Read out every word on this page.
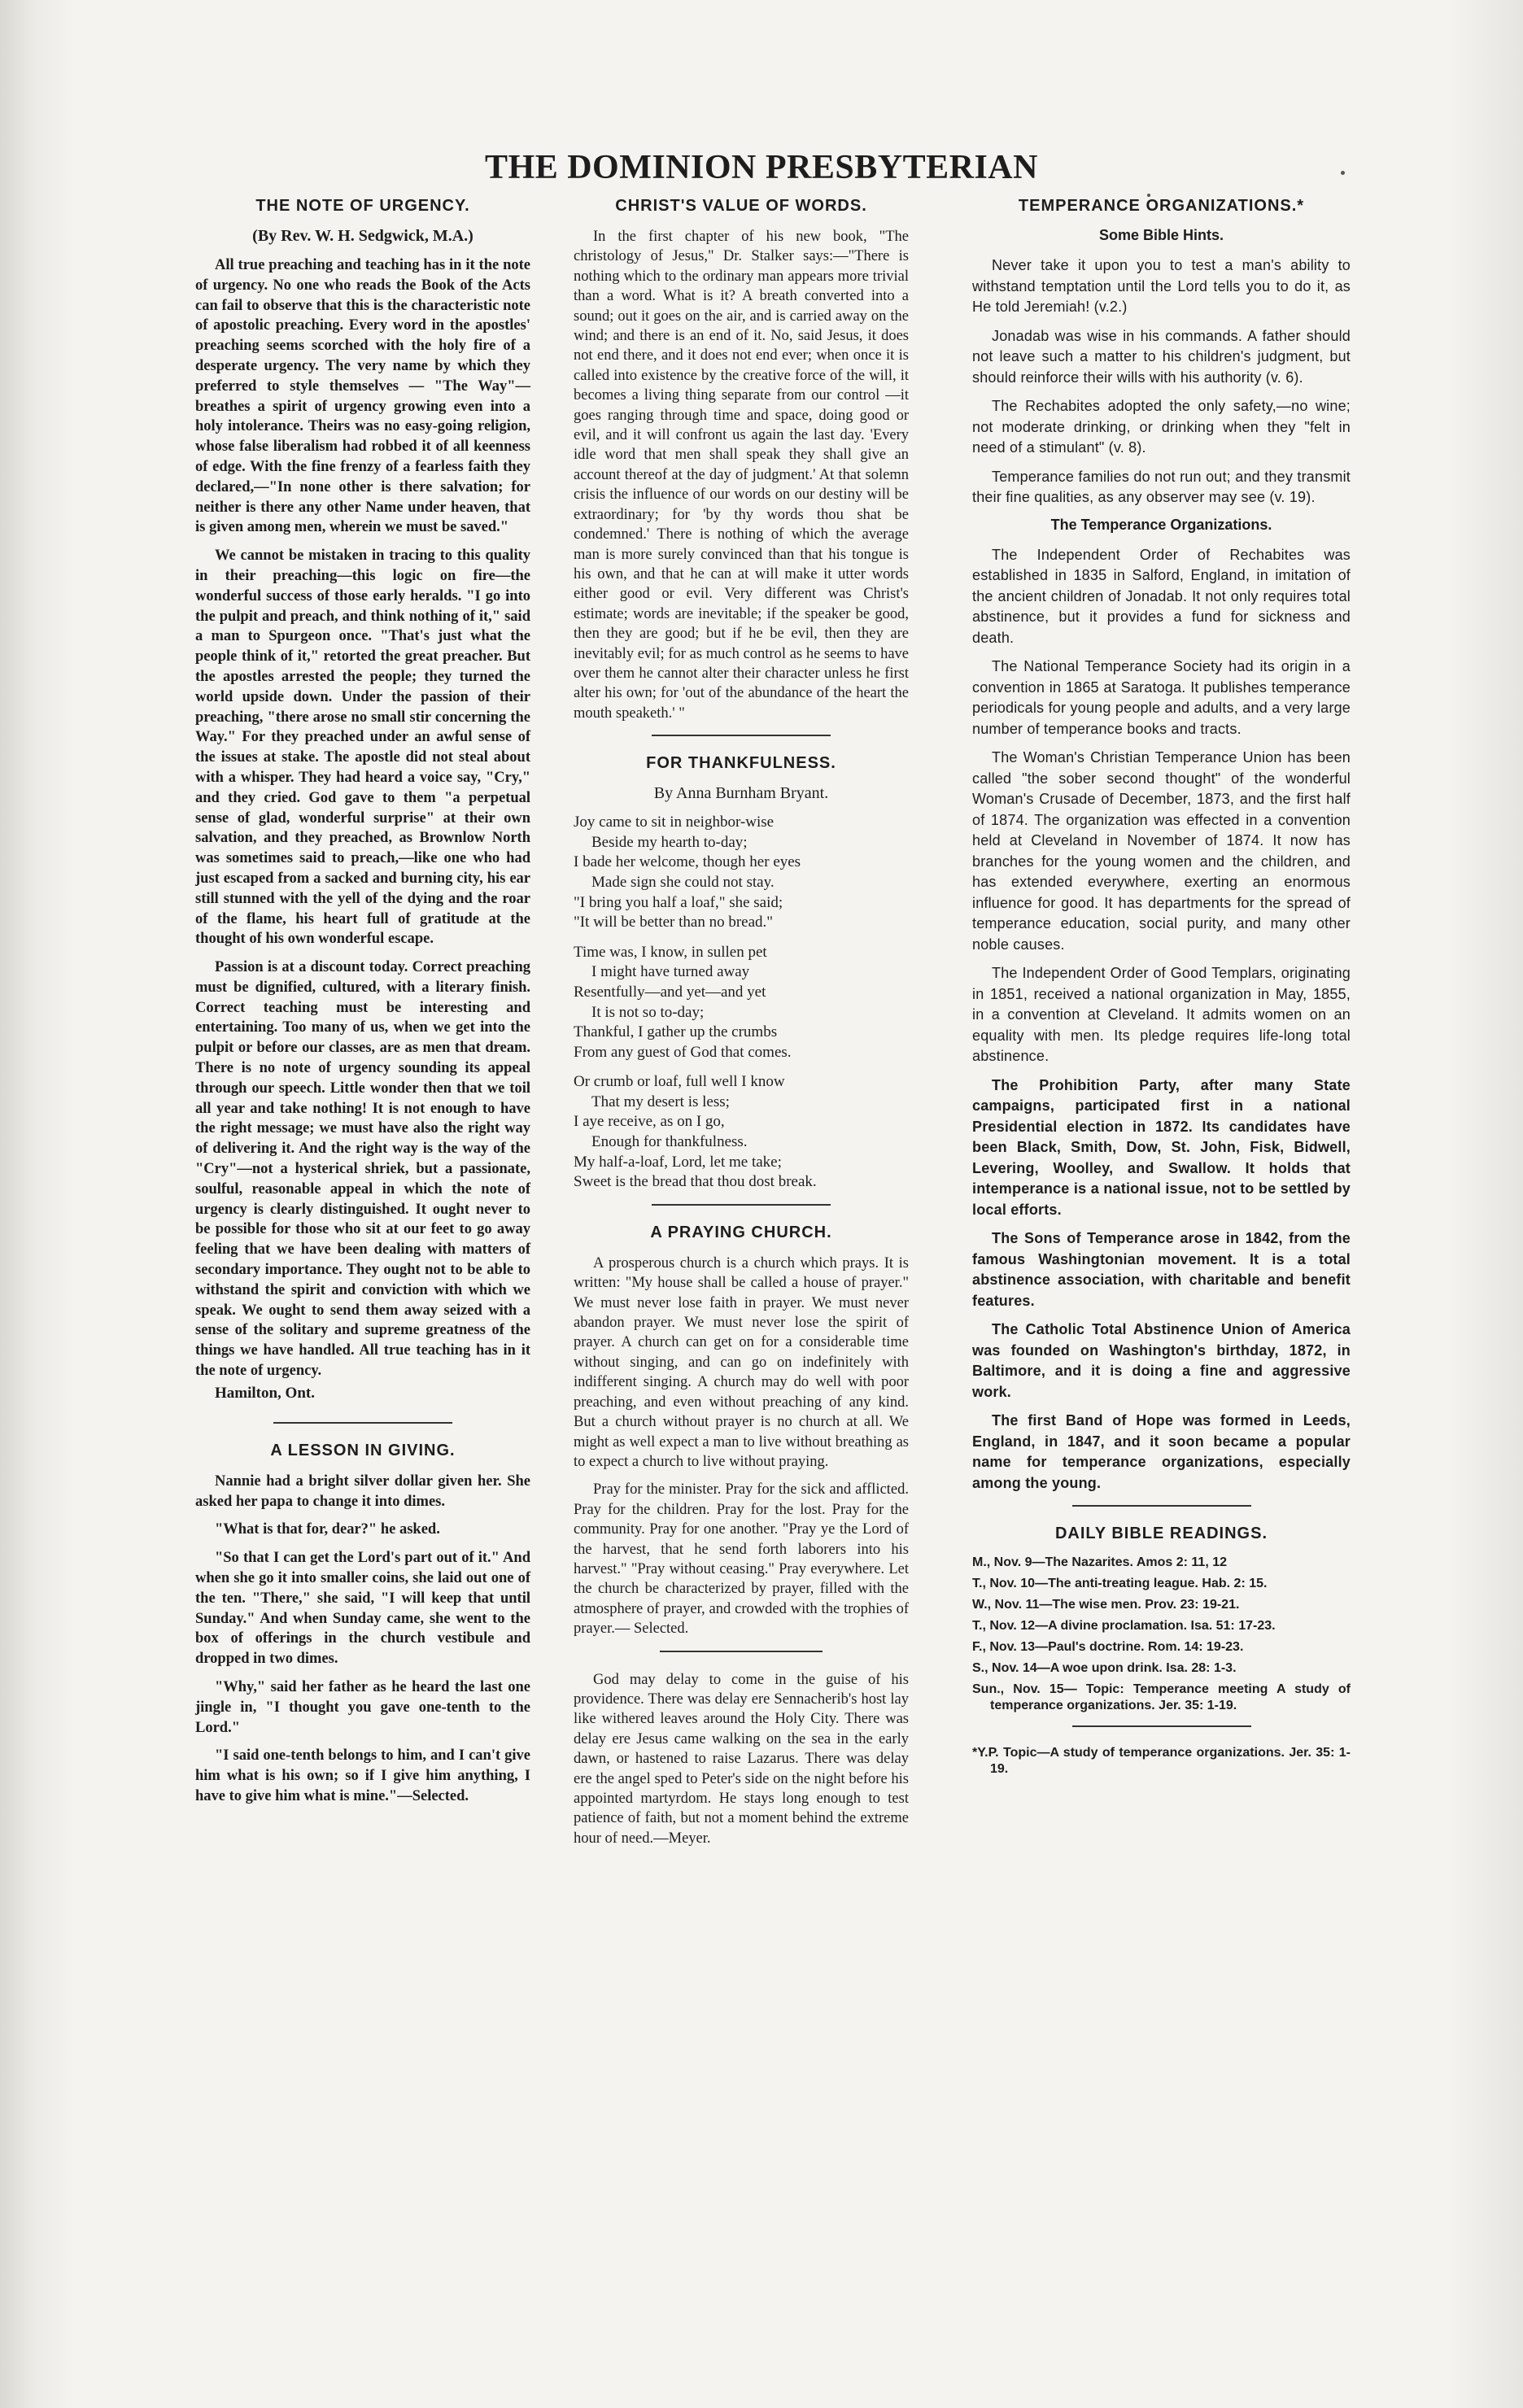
THE DOMINION PRESBYTERIAN
THE NOTE OF URGENCY.
(By Rev. W. H. Sedgwick, M.A.)

All true preaching and teaching has in it the note of urgency. No one who reads the Book of the Acts can fail to observe that this is the characteristic note of apostolic preaching. Every word in the apostles' preaching seems scorched with the holy fire of a desperate urgency. The very name by which they preferred to style themselves — "The Way"—breathes a spirit of urgency growing even into a holy intolerance. Theirs was no easy-going religion, whose false liberalism had robbed it of all keenness of edge. With the fine frenzy of a fearless faith they declared,—"In none other is there salvation; for neither is there any other Name under heaven, that is given among men, wherein we must be saved."

We cannot be mistaken in tracing to this quality in their preaching—this logic on fire—the wonderful success of those early heralds. "I go into the pulpit and preach, and think nothing of it," said a man to Spurgeon once. "That's just what the people think of it," retorted the great preacher. But the apostles arrested the people; they turned the world upside down. Under the passion of their preaching, "there arose no small stir concerning the Way." For they preached under an awful sense of the issues at stake. The apostle did not steal about with a whisper. They had heard a voice say, "Cry," and they cried. God gave to them "a perpetual sense of glad, wonderful surprise" at their own salvation, and they preached, as Brownlow North was sometimes said to preach,—like one who had just escaped from a sacked and burning city, his ear still stunned with the yell of the dying and the roar of the flame, his heart full of gratitude at the thought of his own wonderful escape.

Passion is at a discount today. Correct preaching must be dignified, cultured, with a literary finish. Correct teaching must be interesting and entertaining. Too many of us, when we get into the pulpit or before our classes, are as men that dream. There is no note of urgency sounding its appeal through our speech. Little wonder then that we toil all year and take nothing! It is not enough to have the right message; we must have also the right way of delivering it. And the right way is the way of the "Cry"—not a hysterical shriek, but a passionate, soulful, reasonable appeal in which the note of urgency is clearly distinguished. It ought never to be possible for those who sit at our feet to go away feeling that we have been dealing with matters of secondary importance. They ought not to be able to withstand the spirit and conviction with which we speak. We ought to send them away seized with a sense of the solitary and supreme greatness of the things we have handled. All true teaching has in it the note of urgency.

Hamilton, Ont.
A LESSON IN GIVING.

Nannie had a bright silver dollar given her. She asked her papa to change it into dimes.

"What is that for, dear?" he asked.

"So that I can get the Lord's part out of it." And when she go it into smaller coins, she laid out one of the ten. "There," she said, "I will keep that until Sunday." And when Sunday came, she went to the box of offerings in the church vestibule and dropped in two dimes.

"Why," said her father as he heard the last one jingle in, "I thought you gave one-tenth to the Lord."

"I said one-tenth belongs to him, and I can't give him what is his own; so if I give him anything, I have to give him what is mine."—Selected.

CHRIST'S VALUE OF WORDS.

In the first chapter of his new book, "The christology of Jesus," Dr. Stalker says:—"There is nothing which to the ordinary man appears more trivial than a word. What is it? A breath converted into a sound; out it goes on the air, and is carried away on the wind; and there is an end of it. No, said Jesus, it does not end there, and it does not end ever; when once it is called into existence by the creative force of the will, it becomes a living thing separate from our control —it goes ranging through time and space, doing good or evil, and it will confront us again the last day. 'Every idle word that men shall speak they shall give an account thereof at the day of judgment.' At that solemn crisis the influence of our words on our destiny will be extraordinary; for 'by thy words thou shat be condemned.' There is nothing of which the average man is more surely convinced than that his tongue is his own, and that he can at will make it utter words either good or evil. Very different was Christ's estimate; words are inevitable; if the speaker be good, then they are good; but if he be evil, then they are inevitably evil; for as much control as he seems to have over them he cannot alter their character unless he first alter his own; for 'out of the abundance of the heart the mouth speaketh.' "

FOR THANKFULNESS.
By Anna Burnham Bryant.
Joy came to sit in neighbor-wise
Beside my hearth to-day;
I bade her welcome, though her eyes
Made sign she could not stay.
"I bring you half a loaf," she said;
"It will be better than no bread."
Time was, I know, in sullen pet
I might have turned away
Resentfully—and yet—and yet
It is not so to-day;
Thankful, I gather up the crumbs
From any guest of God that comes.
Or crumb or loaf, full well I know
That my desert is less;
I aye receive, as on I go,
Enough for thankfulness.
My half-a-loaf, Lord, let me take;
Sweet is the bread that thou dost break.
A PRAYING CHURCH.

A prosperous church is a church which prays. It is written: "My house shall be called a house of prayer." We must never lose faith in prayer. We must never abandon prayer. We must never lose the spirit of prayer. A church can get on for a considerable time without singing, and can go on indefinitely with indifferent singing. A church may do well with poor preaching, and even without preaching of any kind. But a church without prayer is no church at all. We might as well expect a man to live without breathing as to expect a church to live without praying.

Pray for the minister. Pray for the sick and afflicted. Pray for the children. Pray for the lost. Pray for the community. Pray for one another. "Pray ye the Lord of the harvest, that he send forth laborers into his harvest." "Pray without ceasing." Pray everywhere. Let the church be characterized by prayer, filled with the atmosphere of prayer, and crowded with the trophies of prayer.— Selected.

God may delay to come in the guise of his providence. There was delay ere Sennacherib's host lay like withered leaves around the Holy City. There was delay ere Jesus came walking on the sea in the early dawn, or hastened to raise Lazarus. There was delay ere the angel sped to Peter's side on the night before his appointed martyrdom. He stays long enough to test patience of faith, but not a moment behind the extreme hour of need.—Meyer.

TEMPERANCE ORGANIZATIONS.*
Some Bible Hints.

Never take it upon you to test a man's ability to withstand temptation until the Lord tells you to do it, as He told Jeremiah! (v.2.)

Jonadab was wise in his commands. A father should not leave such a matter to his children's judgment, but should reinforce their wills with his authority (v. 6).

The Rechabites adopted the only safety,—no wine; not moderate drinking, or drinking when they "felt in need of a stimulant" (v. 8).

Temperance families do not run out; and they transmit their fine qualities, as any observer may see (v. 19).

The Temperance Organizations.

The Independent Order of Rechabites was established in 1835 in Salford, England, in imitation of the ancient children of Jonadab. It not only requires total abstinence, but it provides a fund for sickness and death.

The National Temperance Society had its origin in a convention in 1865 at Saratoga. It publishes temperance periodicals for young people and adults, and a very large number of temperance books and tracts.

The Woman's Christian Temperance Union has been called "the sober second thought" of the wonderful Woman's Crusade of December, 1873, and the first half of 1874. The organization was effected in a convention held at Cleveland in November of 1874. It now has branches for the young women and the children, and has extended everywhere, exerting an enormous influence for good. It has departments for the spread of temperance education, social purity, and many other noble causes.

The Independent Order of Good Templars, originating in 1851, received a national organization in May, 1855, in a convention at Cleveland. It admits women on an equality with men. Its pledge requires life-long total abstinence.

The Prohibition Party, after many State campaigns, participated first in a national Presidential election in 1872. Its candidates have been Black, Smith, Dow, St. John, Fisk, Bidwell, Levering, Woolley, and Swallow. It holds that intemperance is a national issue, not to be settled by local efforts.

The Sons of Temperance arose in 1842, from the famous Washingtonian movement. It is a total abstinence association, with charitable and benefit features.

The Catholic Total Abstinence Union of America was founded on Washington's birthday, 1872, in Baltimore, and it is doing a fine and aggressive work.

The first Band of Hope was formed in Leeds, England, in 1847, and it soon became a popular name for temperance organizations, especially among the young.

DAILY BIBLE READINGS.
M., Nov. 9—The Nazarites. Amos 2: 11, 12
T., Nov. 10—The anti-treating league. Hab. 2: 15.
W., Nov. 11—The wise men. Prov. 23: 19-21.
T., Nov. 12—A divine proclamation. Isa. 51: 17-23.
F., Nov. 13—Paul's doctrine. Rom. 14: 19-23.
S., Nov. 14—A woe upon drink. Isa. 28: 1-3.
Sun., Nov. 15— Topic: Temperance meeting A study of temperance organizations. Jer. 35: 1-19.
*Y.P. Topic—A study of temperance organizations. Jer. 35: 1-19.
